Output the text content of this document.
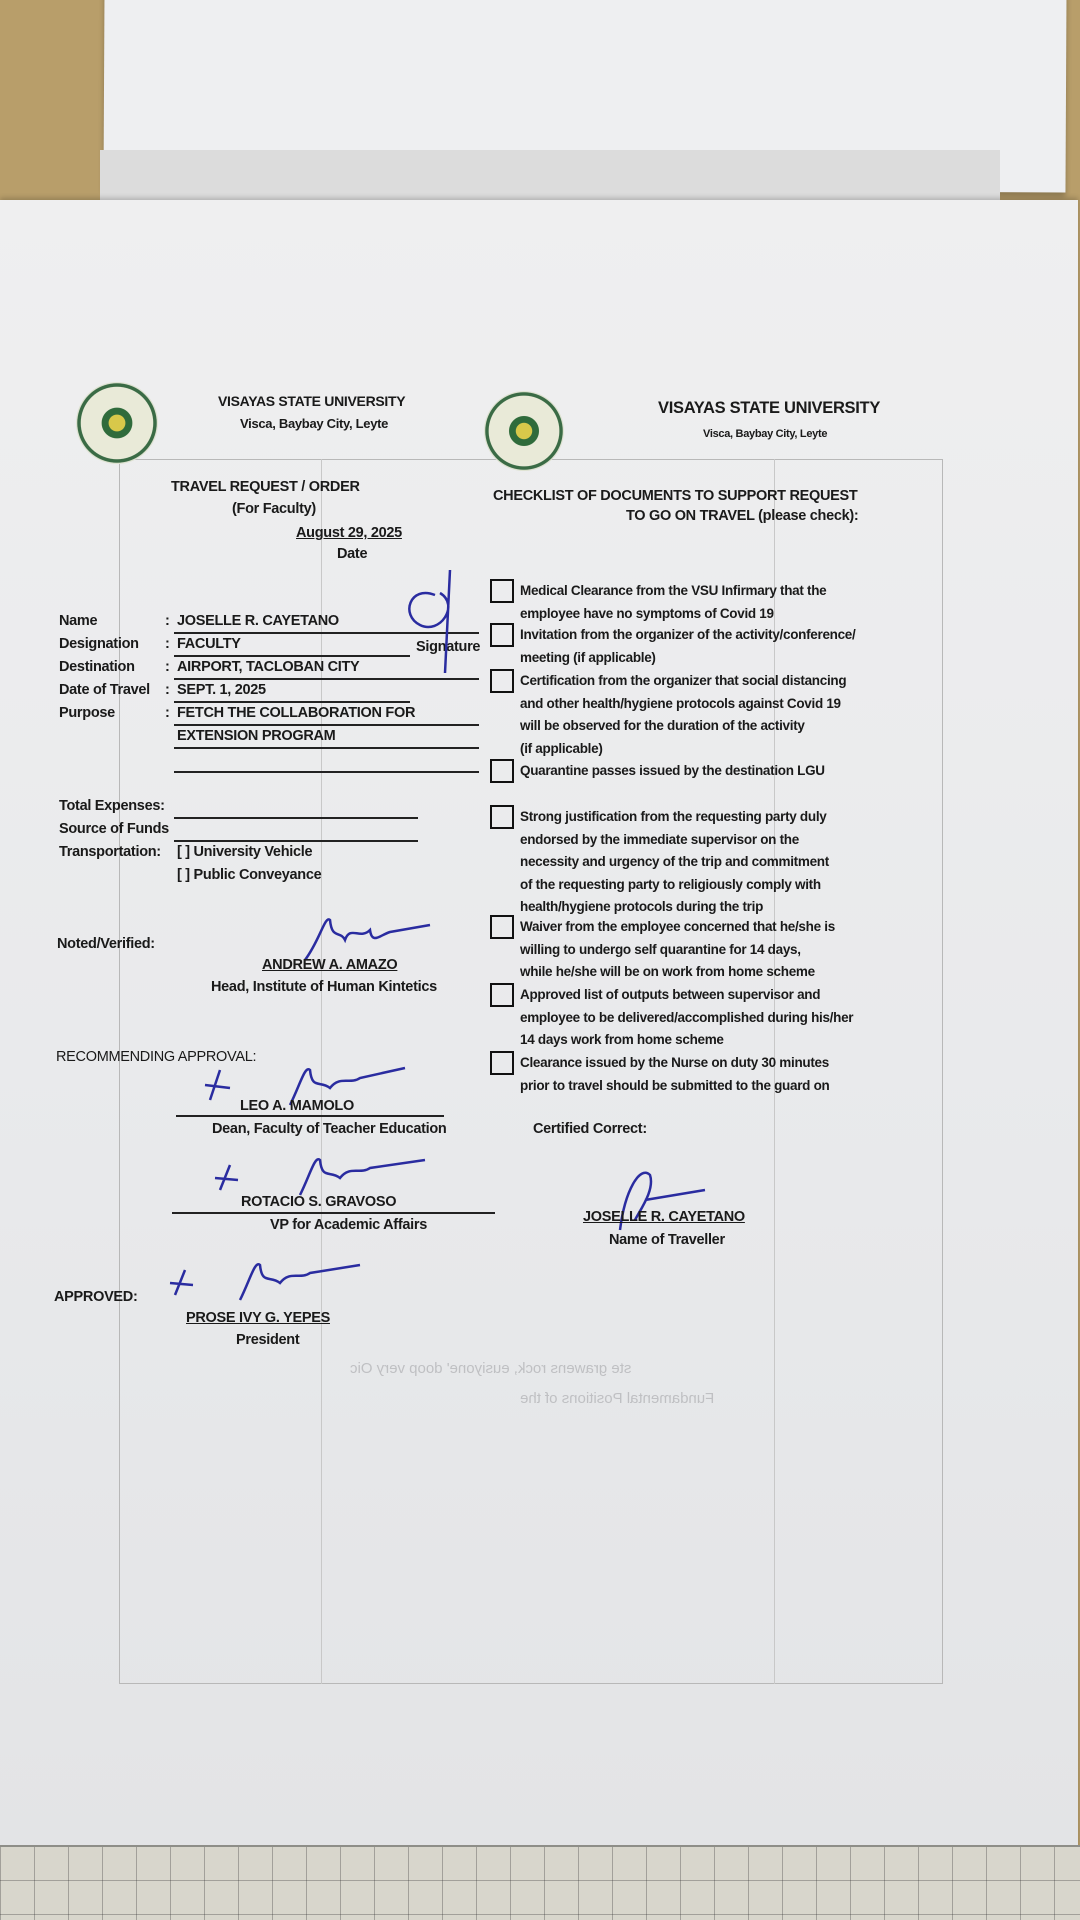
Fundamental Positions of the
ste grawens rock, eusiyone' doop very Oic
VISAYAS STATE UNIVERSITY
Visca, Baybay City, Leyte
VISAYAS STATE UNIVERSITY
Visca, Baybay City, Leyte
TRAVEL REQUEST / ORDER
(For Faculty)
August 29, 2025
Date
Name	: JOSELLE R. CAYETANO
Designation : FACULTY
Destination : AIRPORT, TACLOBAN CITY
Date of Travel : SEPT. 1, 2025
Purpose	: FETCH THE COLLABORATION FOR
EXTENSION PROGRAM
Signature
Total Expenses:
Source of Funds
Transportation: [ ] University Vehicle
[ ] Public Conveyance
Noted/Verified:
ANDREW A. AMAZO
Head, Institute of Human Kintetics
RECOMMENDING APPROVAL:
LEO A. MAMOLO
Dean, Faculty of Teacher Education
ROTACIO S. GRAVOSO
VP for Academic Affairs
APPROVED:
PROSE IVY G. YEPES
President
CHECKLIST OF DOCUMENTS TO SUPPORT REQUEST
TO GO ON TRAVEL (please check):
Medical Clearance from the VSU Infirmary that the
employee have no symptoms of Covid 19
Invitation from the organizer of the activity/conference/
meeting (if applicable)
Certification from the organizer that social distancing
and other health/hygiene protocols against Covid 19
will be observed for the duration of the activity
(if applicable)
Quarantine passes issued by the destination LGU
Strong justification from the requesting party duly
endorsed by the immediate supervisor on the
necessity and urgency of the trip and commitment
of the requesting party to religiously comply with
health/hygiene protocols during the trip
Waiver from the employee concerned that he/she is
willing to undergo self quarantine for 14 days,
while he/she will be on work from home scheme
Approved list of outputs between supervisor and
employee to be delivered/accomplished during his/her
14 days work from home scheme
Clearance issued by the Nurse on duty 30 minutes
prior to travel should be submitted to the guard on
Certified Correct:
JOSELLE R. CAYETANO
Name of Traveller
